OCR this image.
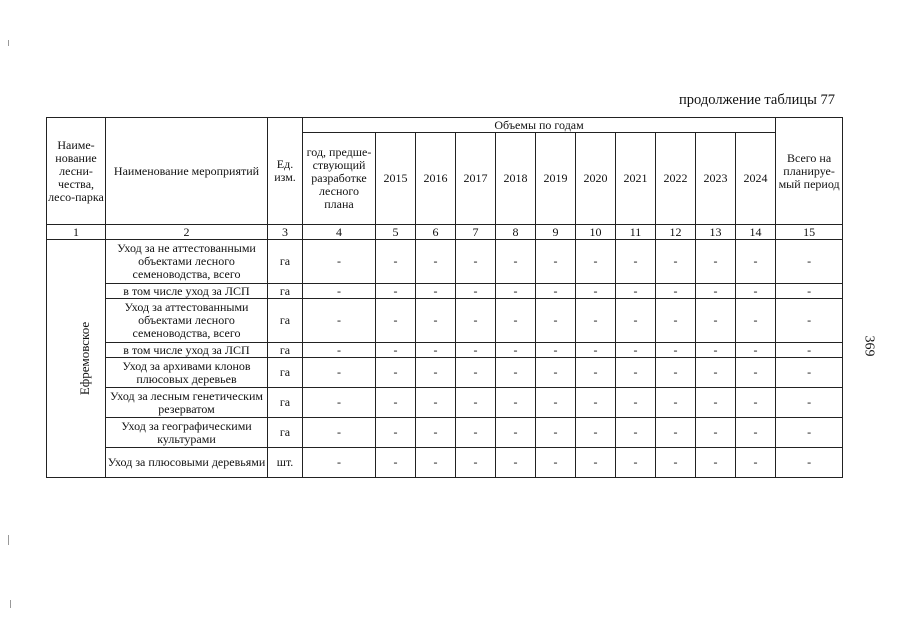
продолжение таблицы 77
369
Наиме-нование лесни-чества, лесо-парка	Наименование мероприятий	Ед. изм.	Объемы по годам											Всего на планируе-мый период
			год, предше-ствующий разработке лесного плана	2015	2016	2017	2018	2019	2020	2021	2022	2023	2024	
1	2	3	4	5	6	7	8	9	10	11	12	13	14	15
Ефремовское	Уход за не аттестованными объектами лесного семеноводства, всего	га	-	-	-	-	-	-	-	-	-	-	-	-
	в том числе уход за ЛСП	га	-	-	-	-	-	-	-	-	-	-	-	-
	Уход за аттестованными объектами лесного семеноводства, всего	га	-	-	-	-	-	-	-	-	-	-	-	-
	в том числе уход за ЛСП	га	-	-	-	-	-	-	-	-	-	-	-	-
	Уход за архивами клонов плюсовых деревьев	га	-	-	-	-	-	-	-	-	-	-	-	-
	Уход за лесным генетическим резерватом	га	-	-	-	-	-	-	-	-	-	-	-	-
	Уход за географическими культурами	га	-	-	-	-	-	-	-	-	-	-	-	-
	Уход за плюсовыми деревьями	шт.	-	-	-	-	-	-	-	-	-	-	-	-
